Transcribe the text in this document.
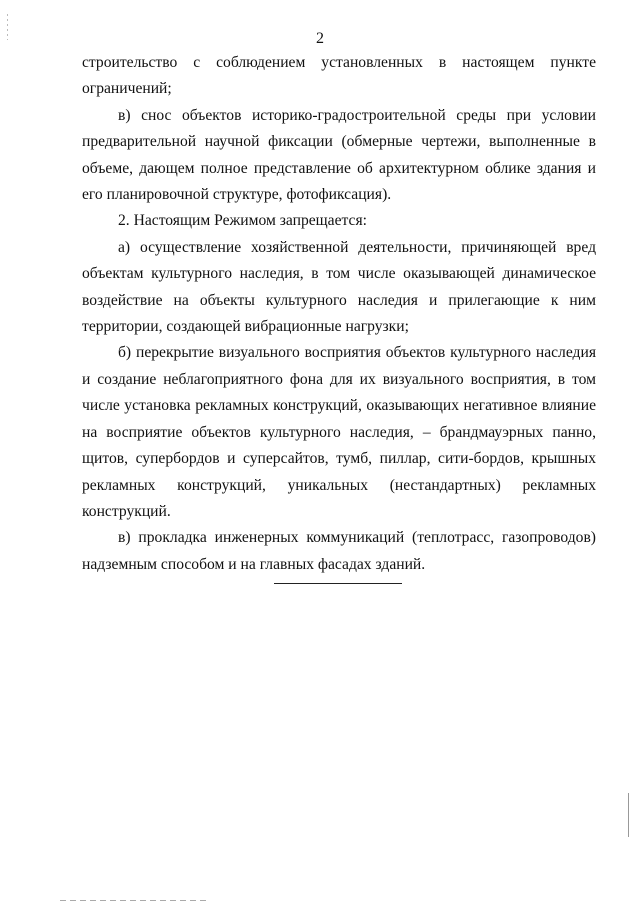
2

строительство с соблюдением установленных в настоящем пункте ограничений;

в) снос объектов историко-градостроительной среды при условии предварительной научной фиксации (обмерные чертежи, выполненные в объеме, дающем полное представление об архитектурном облике здания и его планировочной структуре, фотофиксация).

2. Настоящим Режимом запрещается:

а) осуществление хозяйственной деятельности, причиняющей вред объектам культурного наследия, в том числе оказывающей динамическое воздействие на объекты культурного наследия и прилегающие к ним территории, создающей вибрационные нагрузки;

б) перекрытие визуального восприятия объектов культурного наследия и создание неблагоприятного фона для их визуального восприятия, в том числе установка рекламных конструкций, оказывающих негативное влияние на восприятие объектов культурного наследия, – брандмауэрных панно, щитов, супербордов и суперсайтов, тумб, пиллар, сити-бордов, крышных рекламных конструкций, уникальных (нестандартных) рекламных конструкций.

в) прокладка инженерных коммуникаций (теплотрасс, газопроводов) надземным способом и на главных фасадах зданий.
